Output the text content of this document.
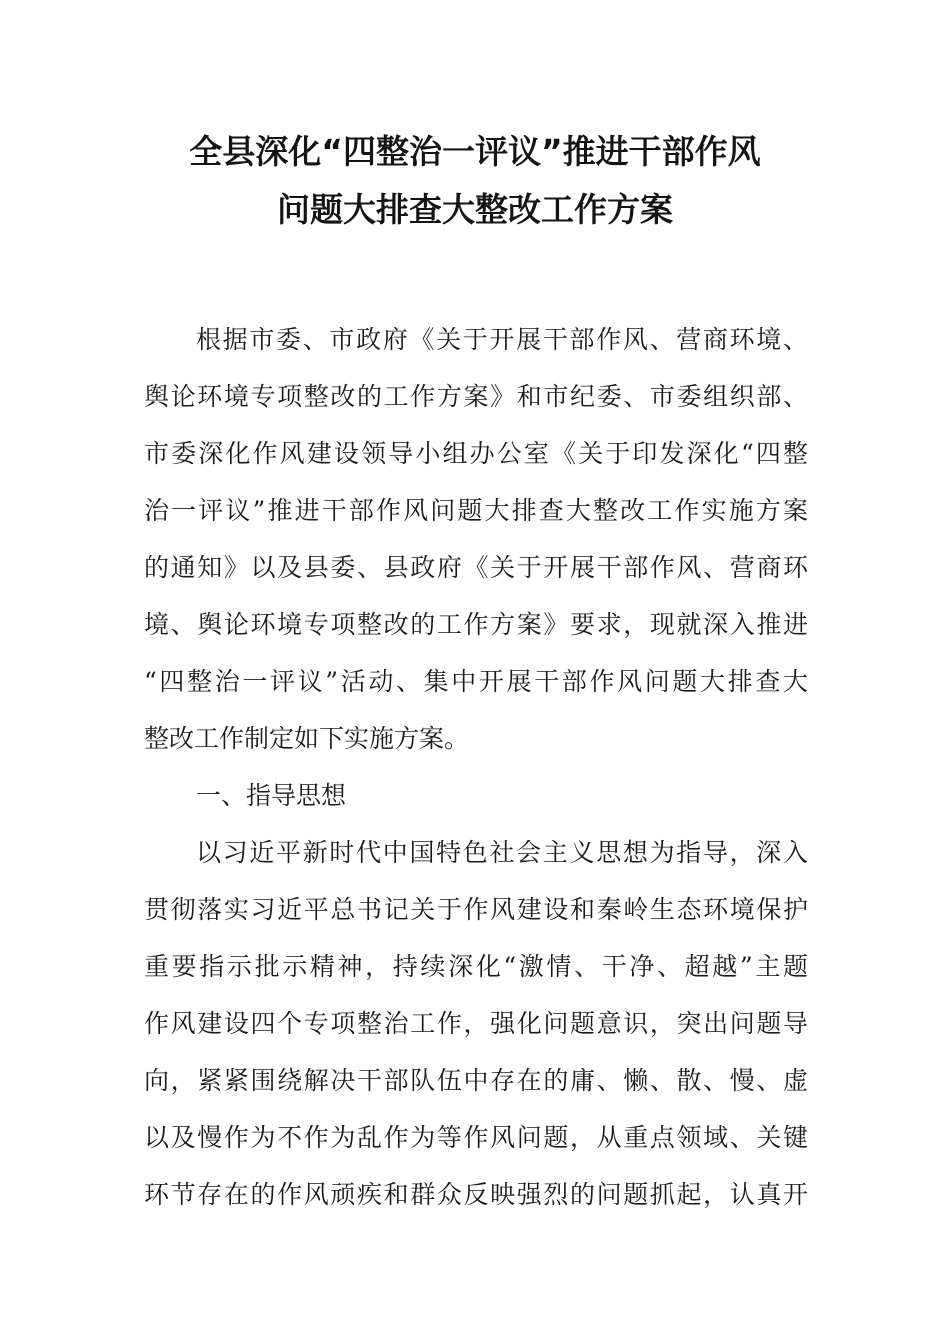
全县深化“四整治一评议”推进干部作风
问题大排查大整改工作方案
根据市委、市政府《关于开展干部作风、营商环境、
舆论环境专项整改的工作方案》和市纪委、市委组织部、
市委深化作风建设领导小组办公室《关于印发深化“四整
治一评议”推进干部作风问题大排查大整改工作实施方案
的通知》以及县委、县政府《关于开展干部作风、营商环
境、舆论环境专项整改的工作方案》要求，现就深入推进
“四整治一评议”活动、集中开展干部作风问题大排查大
整改工作制定如下实施方案。
一、指导思想
以习近平新时代中国特色社会主义思想为指导，深入
贯彻落实习近平总书记关于作风建设和秦岭生态环境保护
重要指示批示精神，持续深化“激情、干净、超越”主题
作风建设四个专项整治工作，强化问题意识，突出问题导
向，紧紧围绕解决干部队伍中存在的庸、懒、散、慢、虚
以及慢作为不作为乱作为等作风问题，从重点领域、关键
环节存在的作风顽疾和群众反映强烈的问题抓起，认真开
